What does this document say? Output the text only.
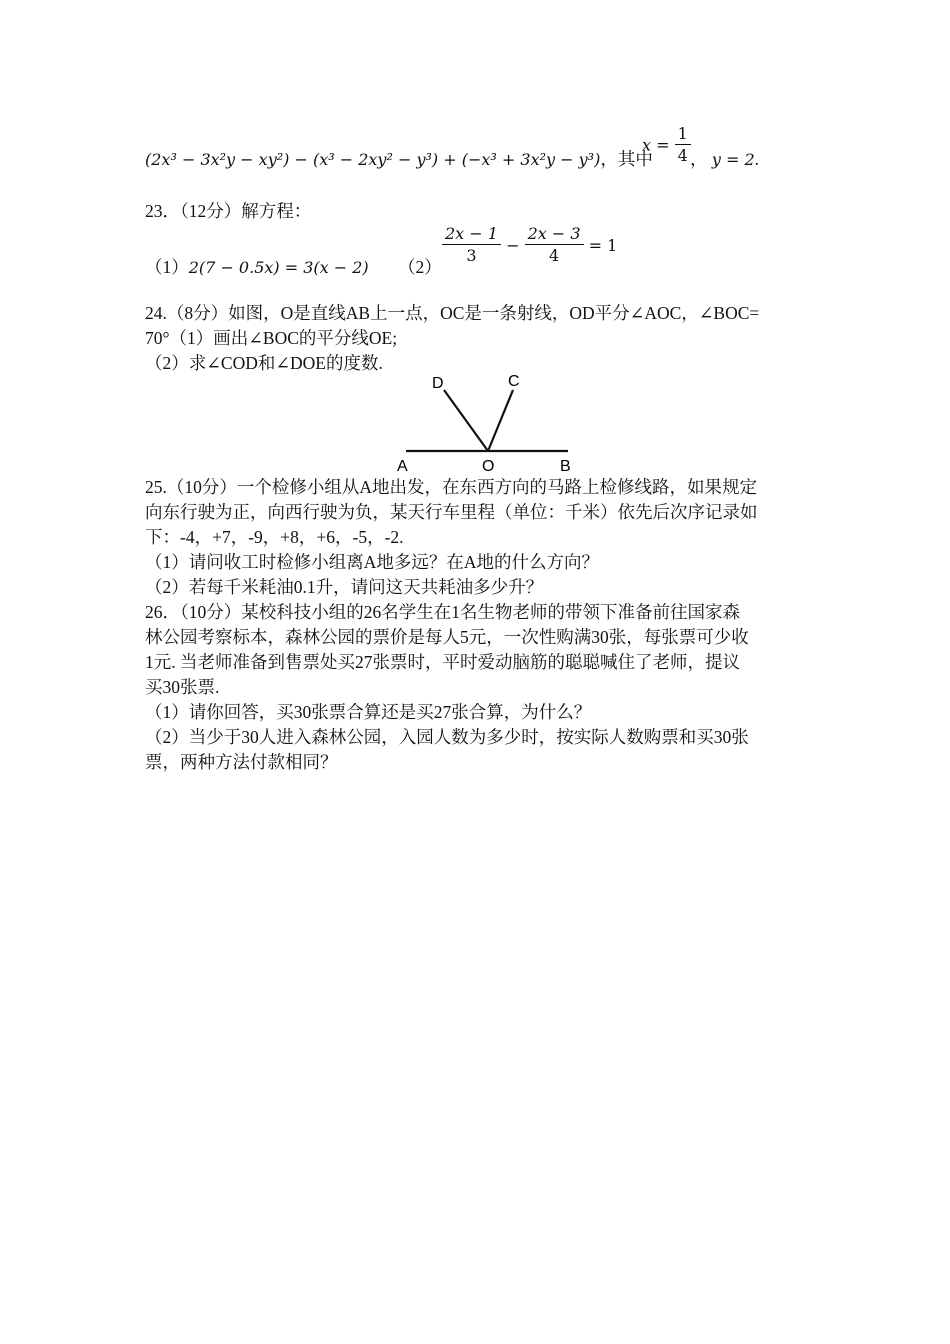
(2x³ − 3x²y − xy²) − (x³ − 2xy² − y³) + (−x³ + 3x²y − y³)，其中
$x = \frac{1}{4}$ ， y = 2.
23．（12分）解方程：
（1）2(7 − 0.5x) = 3(x − 2) $(2) \frac{2x - 1}{3} - \frac{2x - 3}{4} = 1$
24.（8分）如图，O是直线AB上一点，OC是一条射线，OD平分∠AOC，∠BOC=
70°（1）画出∠BOC的平分线OE;
（2）求∠COD和∠DOE的度数.
D	C
A	O	B
25.（10分）一个检修小组从A地出发，在东西方向的马路上检修线路，如果规定
向东行驶为正，向西行驶为负，某天行车里程（单位：千米）依先后次序记录如
下：-4，+7，-9，+8，+6，-5，-2.
（1）请问收工时检修小组离A地多远？在A地的什么方向？
（2）若每千米耗油0.1升，请问这天共耗油多少升？
26．（10分）某校科技小组的26名学生在1名生物老师的带领下准备前往国家森
林公园考察标本，森林公园的票价是每人5元，一次性购满30张，每张票可少收
1元. 当老师准备到售票处买27张票时，平时爱动脑筋的聪聪喊住了老师，提议
买30张票.
（1）请你回答，买30张票合算还是买27张合算，为什么？
（2）当少于30人进入森林公园，入园人数为多少时，按实际人数购票和买30张
票，两种方法付款相同？
